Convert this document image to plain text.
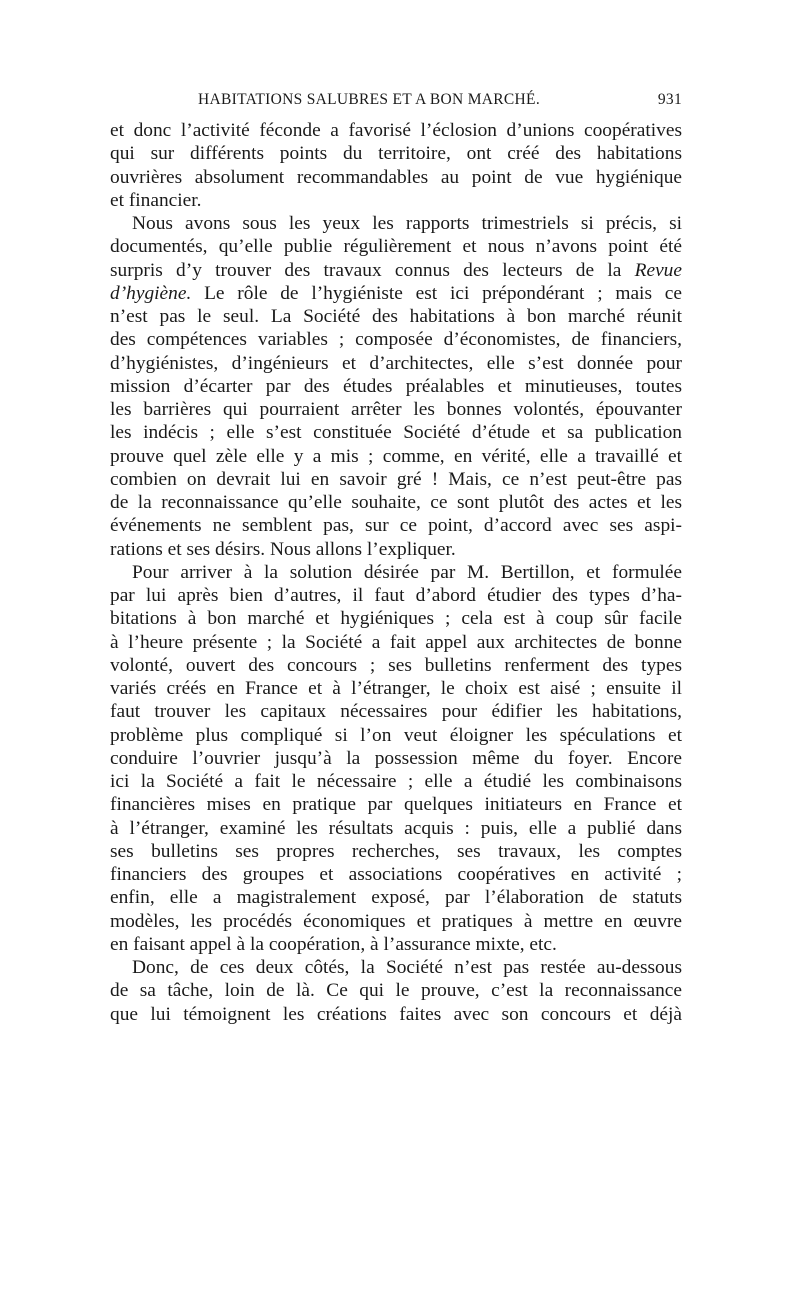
HABITATIONS SALUBRES ET A BON MARCHÉ.	931

et donc l’activité féconde a favorisé l’éclosion d’unions coopératives

qui sur différents points du territoire, ont créé des habitations

ouvrières absolument recommandables au point de vue hygiénique

et financier.

Nous avons sous les yeux les rapports trimestriels si précis, si

documentés, qu’elle publie régulièrement et nous n’avons point été

surpris d’y trouver des travaux connus des lecteurs de la Revue

d’hygiène. Le rôle de l’hygiéniste est ici prépondérant ; mais ce

n’est pas le seul. La Société des habitations à bon marché réunit

des compétences variables ; composée d’économistes, de financiers,

d’hygiénistes, d’ingénieurs et d’architectes, elle s’est donnée pour

mission d’écarter par des études préalables et minutieuses, toutes

les barrières qui pourraient arrêter les bonnes volontés, épouvanter

les indécis ; elle s’est constituée Société d’étude et sa publication

prouve quel zèle elle y a mis ; comme, en vérité, elle a travaillé et

combien on devrait lui en savoir gré ! Mais, ce n’est peut-être pas

de la reconnaissance qu’elle souhaite, ce sont plutôt des actes et les

événements ne semblent pas, sur ce point, d’accord avec ses aspi-

rations et ses désirs. Nous allons l’expliquer.

Pour arriver à la solution désirée par M. Bertillon, et formulée

par lui après bien d’autres, il faut d’abord étudier des types d’ha-

bitations à bon marché et hygiéniques ; cela est à coup sûr facile

à l’heure présente ; la Société a fait appel aux architectes de bonne

volonté, ouvert des concours ; ses bulletins renferment des types

variés créés en France et à l’étranger, le choix est aisé ; ensuite il

faut trouver les capitaux nécessaires pour édifier les habitations,

problème plus compliqué si l’on veut éloigner les spéculations et

conduire l’ouvrier jusqu’à la possession même du foyer. Encore

ici la Société a fait le nécessaire ; elle a étudié les combinaisons

financières mises en pratique par quelques initiateurs en France et

à l’étranger, examiné les résultats acquis : puis, elle a publié dans

ses bulletins ses propres recherches, ses travaux, les comptes

financiers des groupes et associations coopératives en activité ;

enfin, elle a magistralement exposé, par l’élaboration de statuts

modèles, les procédés économiques et pratiques à mettre en œuvre

en faisant appel à la coopération, à l’assurance mixte, etc.

Donc, de ces deux côtés, la Société n’est pas restée au-dessous

de sa tâche, loin de là. Ce qui le prouve, c’est la reconnaissance

que lui témoignent les créations faites avec son concours et déjà
